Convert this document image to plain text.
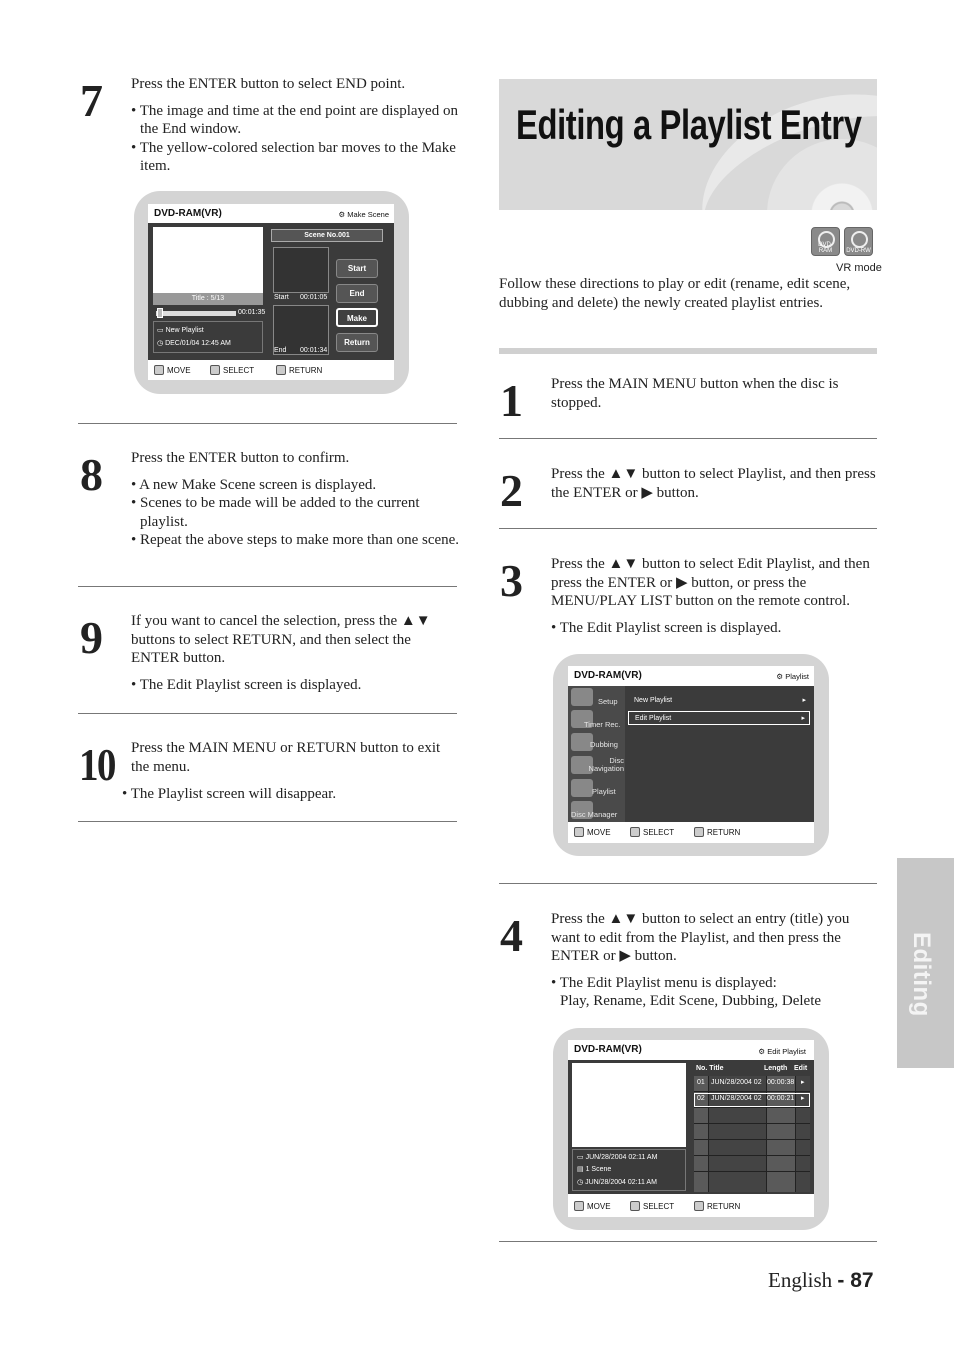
7 Press the ENTER button to select END point.

• The image and time at the end point are displayed on the End window.

• The yellow-colored selection bar moves to the Make item.

DVD-RAM(VR)	⚙ Make Scene
Title : 5/13
00:01:35
▭ New Playlist
◷ DEC/01/04 12:45 AM
Scene No.001
Start 00:01:05
End 00:01:34
Start
End
Make
Return
MOVE	SELECT	RETURN
8 Press the ENTER button to confirm.

• A new Make Scene screen is displayed.

• Scenes to be made will be added to the current playlist.

• Repeat the above steps to make more than one scene.

9 If you want to cancel the selection, press the ▲▼ buttons to select RETURN, and then select the ENTER button.

• The Edit Playlist screen is displayed.

10 Press the MAIN MENU or RETURN button to exit the menu.

• The Playlist screen will disappear.
Editing a Playlist Entry
DVD-RAM	DVD-RW
VR mode
Follow these directions to play or edit (rename, edit scene, dubbing and delete) the newly created playlist entries.
1 Press the MAIN MENU button when the disc is stopped.

2 Press the ▲▼ button to select Playlist, and then press the ENTER or ▶ button.

3 Press the ▲▼ button to select Edit Playlist, and then press the ENTER or ▶ button, or press the MENU/PLAY LIST button on the remote control.

• The Edit Playlist screen is displayed.

DVD-RAM(VR)	⚙ Playlist
Setup
Timer Rec.
Dubbing
Disc Navigation
Playlist
Disc Manager
New Playlist	▸
Edit Playlist	▸
MOVE	SELECT	RETURN
4 Press the ▲▼ button to select an entry (title) you want to edit from the Playlist, and then press the ENTER or ▶ button.

• The Edit Playlist menu is displayed:

Play, Rename, Edit Scene, Dubbing, Delete

DVD-RAM(VR)	⚙ Edit Playlist
▭ JUN/28/2004 02:11 AM
▤ 1 Scene
◷ JUN/28/2004 02:11 AM
No. Title	Length Edit
01 JUN/28/2004 02 00:00:38 ▸
02 JUN/28/2004 02 00:00:21 ▸
MOVE	SELECT	RETURN
Editing
English - 87
